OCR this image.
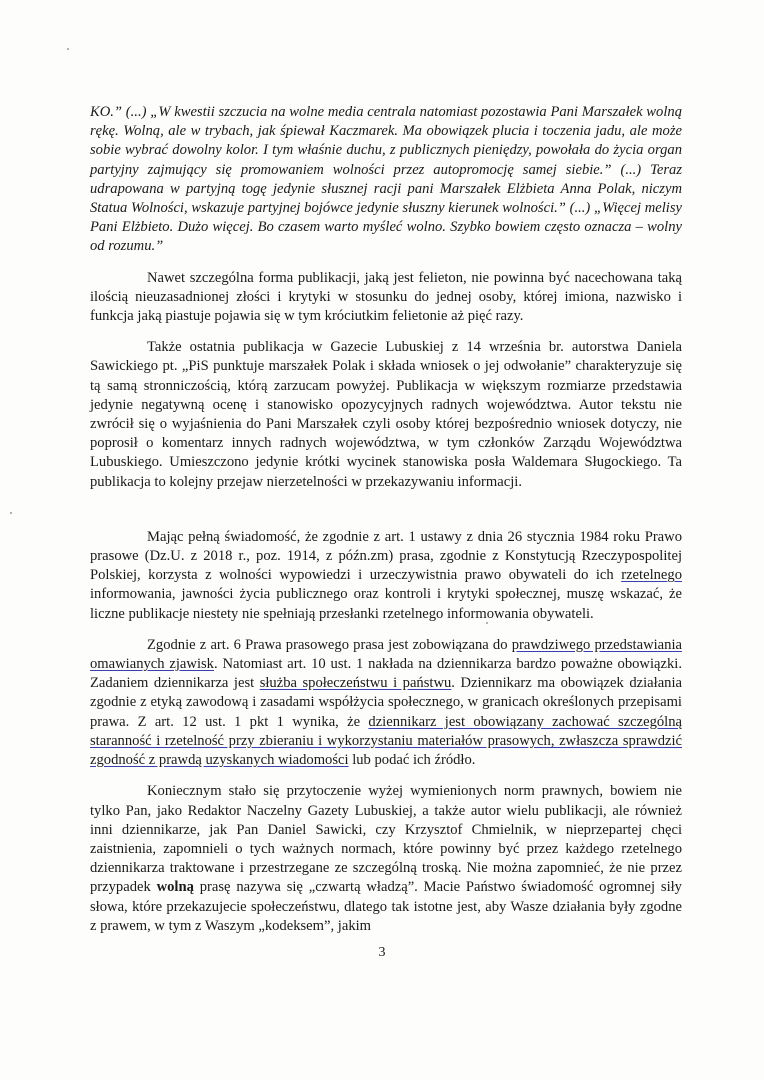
KO.” (...) „W kwestii szczucia na wolne media centrala natomiast pozostawia Pani Marszałek wolną rękę. Wolną, ale w trybach, jak śpiewał Kaczmarek. Ma obowiązek plucia i toczenia jadu, ale może sobie wybrać dowolny kolor. I tym właśnie duchu, z publicznych pieniędzy, powołała do życia organ partyjny zajmujący się promowaniem wolności przez autopromocję samej siebie.” (...) Teraz udrapowana w partyjną togę jedynie słusznej racji pani Marszałek Elżbieta Anna Polak, niczym Statua Wolności, wskazuje partyjnej bojówce jedynie słuszny kierunek wolności.” (...) „Więcej melisy Pani Elżbieto. Dużo więcej. Bo czasem warto myśleć wolno. Szybko bowiem często oznacza – wolny od rozumu.”

Nawet szczególna forma publikacji, jaką jest felieton, nie powinna być nacechowana taką ilością nieuzasadnionej złości i krytyki w stosunku do jednej osoby, której imiona, nazwisko i funkcja jaką piastuje pojawia się w tym króciutkim felietonie aż pięć razy.

Także ostatnia publikacja w Gazecie Lubuskiej z 14 września br. autorstwa Daniela Sawickiego pt. „PiS punktuje marszałek Polak i składa wniosek o jej odwołanie” charakteryzuje się tą samą stronniczością, którą zarzucam powyżej. Publikacja w większym rozmiarze przedstawia jedynie negatywną ocenę i stanowisko opozycyjnych radnych województwa. Autor tekstu nie zwrócił się o wyjaśnienia do Pani Marszałek czyli osoby której bezpośrednio wniosek dotyczy, nie poprosił o komentarz innych radnych województwa, w tym członków Zarządu Województwa Lubuskiego. Umieszczono jedynie krótki wycinek stanowiska posła Waldemara Sługockiego. Ta publikacja to kolejny przejaw nierzetelności w przekazywaniu informacji.

Mając pełną świadomość, że zgodnie z art. 1 ustawy z dnia 26 stycznia 1984 roku Prawo prasowe (Dz.U. z 2018 r., poz. 1914, z późn.zm) prasa, zgodnie z Konstytucją Rzeczypospolitej Polskiej, korzysta z wolności wypowiedzi i urzeczywistnia prawo obywateli do ich rzetelnego informowania, jawności życia publicznego oraz kontroli i krytyki społecznej, muszę wskazać, że liczne publikacje niestety nie spełniają przesłanki rzetelnego informowania obywateli.

Zgodnie z art. 6 Prawa prasowego prasa jest zobowiązana do prawdziwego przedstawiania omawianych zjawisk. Natomiast art. 10 ust. 1 nakłada na dziennikarza bardzo poważne obowiązki. Zadaniem dziennikarza jest służba społeczeństwu i państwu. Dziennikarz ma obowiązek działania zgodnie z etyką zawodową i zasadami współżycia społecznego, w granicach określonych przepisami prawa. Z art. 12 ust. 1 pkt 1 wynika, że dziennikarz jest obowiązany zachować szczególną staranność i rzetelność przy zbieraniu i wykorzystaniu materiałów prasowych, zwłaszcza sprawdzić zgodność z prawdą uzyskanych wiadomości lub podać ich źródło.

Koniecznym stało się przytoczenie wyżej wymienionych norm prawnych, bowiem nie tylko Pan, jako Redaktor Naczelny Gazety Lubuskiej, a także autor wielu publikacji, ale również inni dziennikarze, jak Pan Daniel Sawicki, czy Krzysztof Chmielnik, w nieprzepartej chęci zaistnienia, zapomnieli o tych ważnych normach, które powinny być przez każdego rzetelnego dziennikarza traktowane i przestrzegane ze szczególną troską. Nie można zapomnieć, że nie przez przypadek wolną prasę nazywa się „czwartą władzą”. Macie Państwo świadomość ogromnej siły słowa, które przekazujecie społeczeństwu, dlatego tak istotne jest, aby Wasze działania były zgodne z prawem, w tym z Waszym „kodeksem”, jakim

3
